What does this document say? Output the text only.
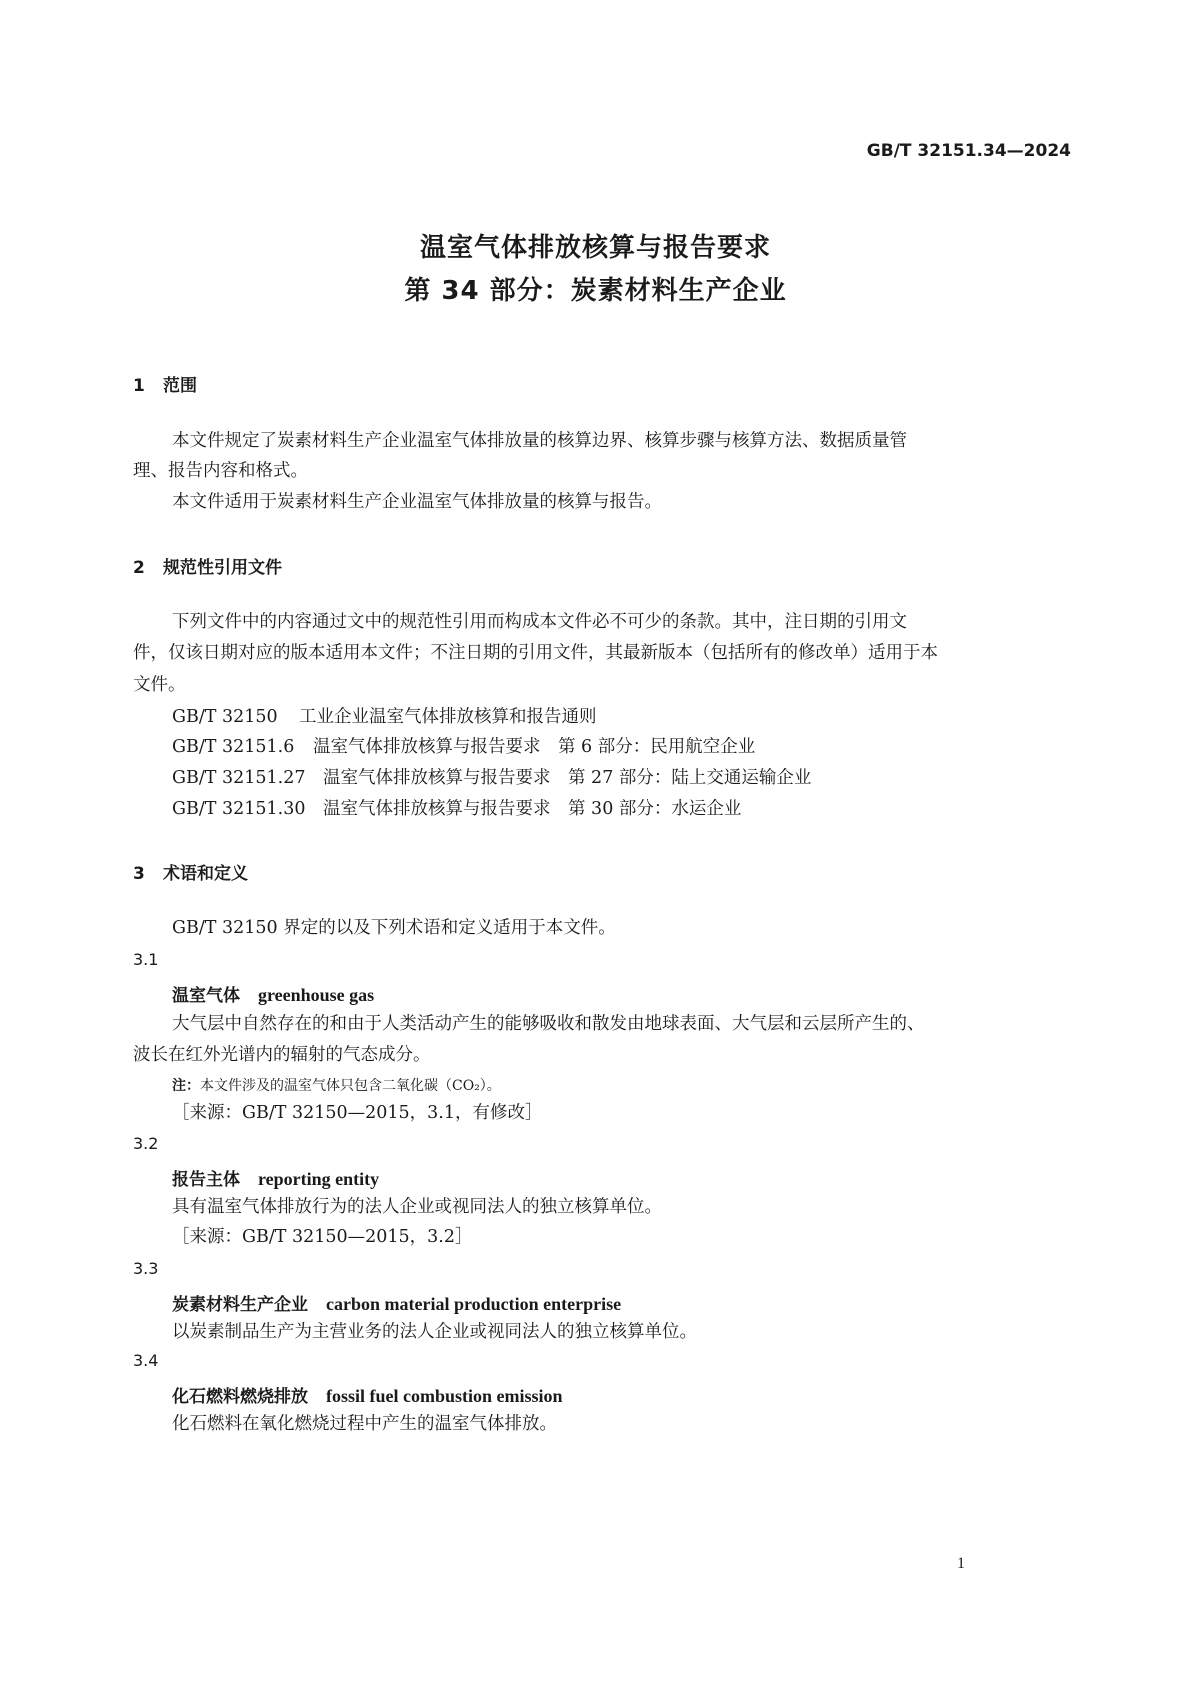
GB/T 32151.34—2024
温室气体排放核算与报告要求
第 34 部分：炭素材料生产企业
1 范围
本文件规定了炭素材料生产企业温室气体排放量的核算边界、核算步骤与核算方法、数据质量管
理、报告内容和格式。
本文件适用于炭素材料生产企业温室气体排放量的核算与报告。
2 规范性引用文件
下列文件中的内容通过文中的规范性引用而构成本文件必不可少的条款。其中，注日期的引用文
件，仅该日期对应的版本适用本文件；不注日期的引用文件，其最新版本（包括所有的修改单）适用于本
文件。
GB/T 32150 工业企业温室气体排放核算和报告通则
GB/T 32151.6 温室气体排放核算与报告要求　第 6 部分：民用航空企业
GB/T 32151.27 温室气体排放核算与报告要求　第 27 部分：陆上交通运输企业
GB/T 32151.30 温室气体排放核算与报告要求　第 30 部分：水运企业
3 术语和定义
GB/T 32150 界定的以及下列术语和定义适用于本文件。
3.1
温室气体 greenhouse gas
大气层中自然存在的和由于人类活动产生的能够吸收和散发由地球表面、大气层和云层所产生的、
波长在红外光谱内的辐射的气态成分。
注：本文件涉及的温室气体只包含二氧化碳（CO₂）。
［来源：GB/T 32150—2015，3.1，有修改］
3.2
报告主体 reporting entity
具有温室气体排放行为的法人企业或视同法人的独立核算单位。
［来源：GB/T 32150—2015，3.2］
3.3
炭素材料生产企业 carbon material production enterprise
以炭素制品生产为主营业务的法人企业或视同法人的独立核算单位。
3.4
化石燃料燃烧排放 fossil fuel combustion emission
化石燃料在氧化燃烧过程中产生的温室气体排放。
1
